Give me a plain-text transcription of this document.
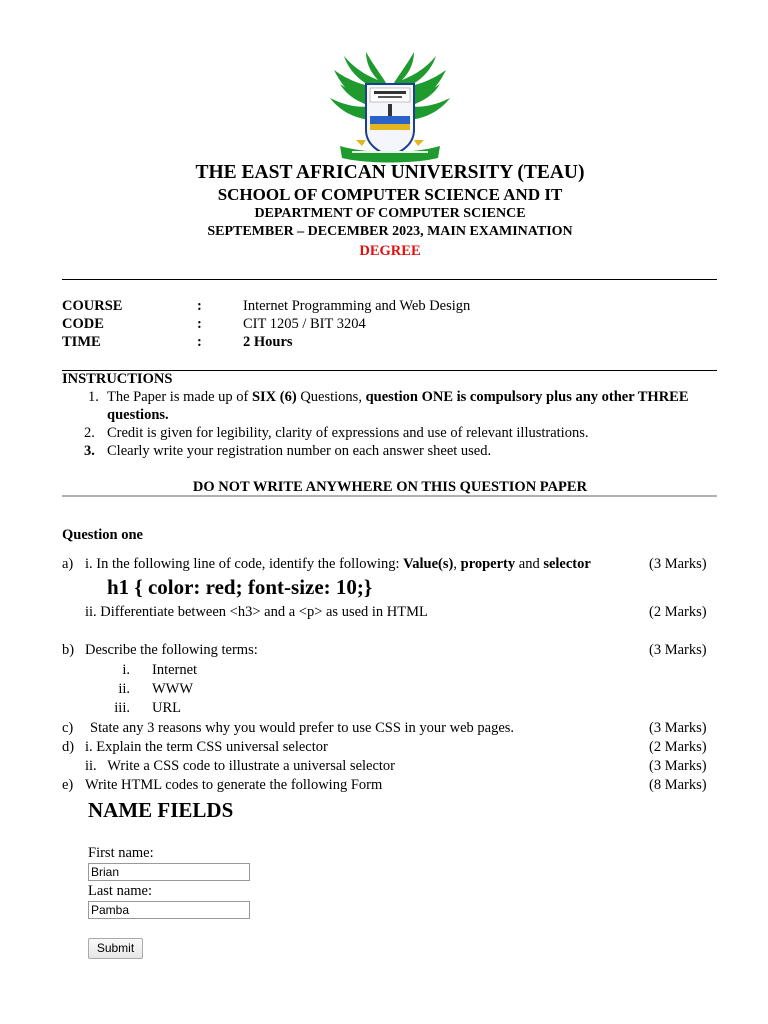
THE EAST AFRICAN UNIVERSITY (TEAU)
SCHOOL OF COMPUTER SCIENCE AND IT
DEPARTMENT OF COMPUTER SCIENCE
SEPTEMBER – DECEMBER 2023, MAIN EXAMINATION
DEGREE
COURSE	:	Internet Programming and Web Design
CODE	:	CIT 1205 / BIT 3204
TIME	:	2 Hours
INSTRUCTIONS
1. The Paper is made up of SIX (6) Questions, question ONE is compulsory plus any other THREE
questions.
2. Credit is given for legibility, clarity of expressions and use of relevant illustrations.
3. Clearly write your registration number on each answer sheet used.
DO NOT WRITE ANYWHERE ON THIS QUESTION PAPER
Question one
a) i. In the following line of code, identify the following: Value(s), property and selector	(3 Marks)
h1 { color: red; font-size: 10;}
ii. Differentiate between <h3> and a <p> as used in HTML	(2 Marks)
b) Describe the following terms:	(3 Marks)
i. Internet
ii. WWW
iii. URL
c) State any 3 reasons why you would prefer to use CSS in your web pages.	(3 Marks)
d) i. Explain the term CSS universal selector	(2 Marks)
ii.   Write a CSS code to illustrate a universal selector	(3 Marks)
e) Write HTML codes to generate the following Form	(8 Marks)
NAME FIELDS
First name:
Brian
Last name:
Pamba
Submit
